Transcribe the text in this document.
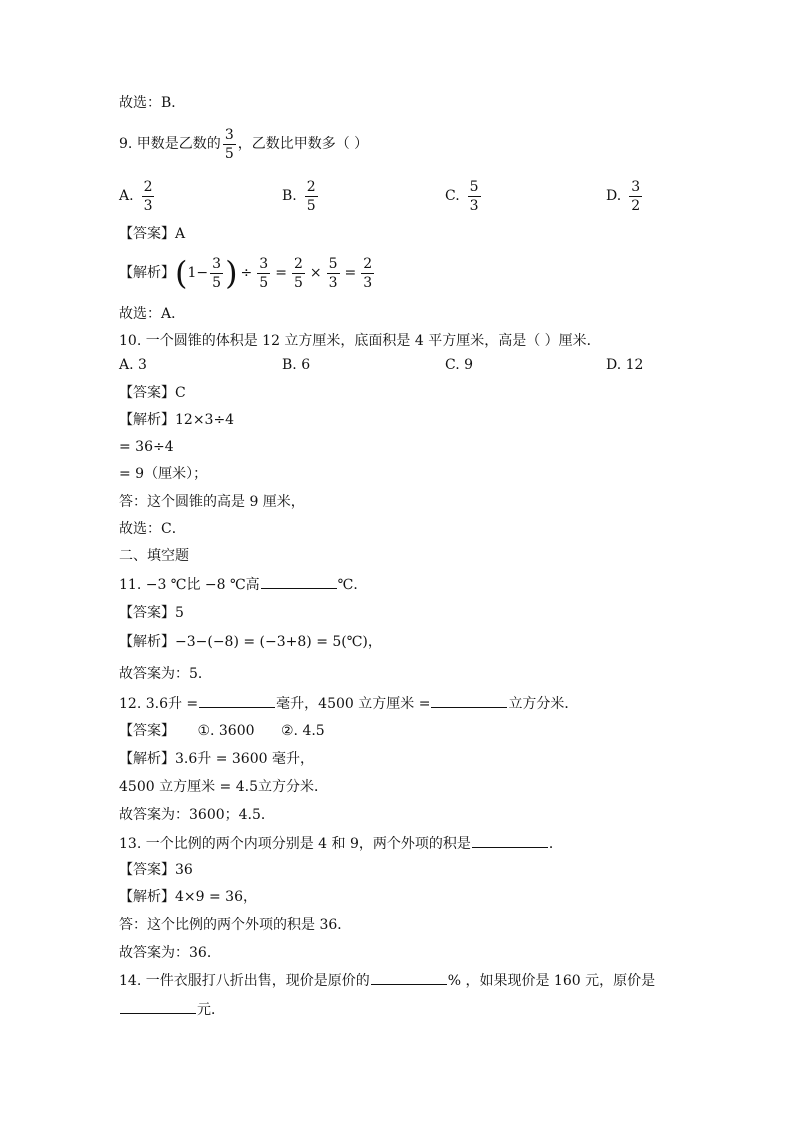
故选：B．
9. 甲数是乙数的 $\frac{3}{5}$ ，乙数比甲数多（ ）
A. $\frac{2}{3}$	B. $\frac{2}{5}$	C. $\frac{5}{3}$	D. $\frac{3}{2}$
【答案】A
【解析】 ( $1 - \frac{3}{5}$ ) ÷ $\frac{3}{5} = \frac{2}{5} \times \frac{5}{3} = \frac{2}{3}$
故选：A．
10. 一个圆锥的体积是 12 立方厘米，底面积是 4 平方厘米，高是（ ）厘米．
A. 3	B. 6	C. 9	D. 12
【答案】C
【解析】12×3÷4
= 36÷4
= 9（厘米）；
答：这个圆锥的高是 9 厘米，
故选：C．
二、填空题
11. −3 ℃比 −8 ℃高	℃．
【答案】5
【解析】−3−(−8) = (−3+8) = 5(℃)，
故答案为：5．
12. 3.6升 =	毫升，4500 立方厘米 =	立方分米．
【答案】 ①. 3600 ②. 4.5
【解析】3.6升 = 3600 毫升，
4500 立方厘米 = 4.5立方分米．
故答案为：3600；4.5．
13. 一个比例的两个内项分别是 4 和 9，两个外项的积是	．
【答案】36
【解析】4×9 = 36，
答：这个比例的两个外项的积是 36．
故答案为：36．
14. 一件衣服打八折出售，现价是原价的	% ，如果现价是 160 元，原价是
元．
